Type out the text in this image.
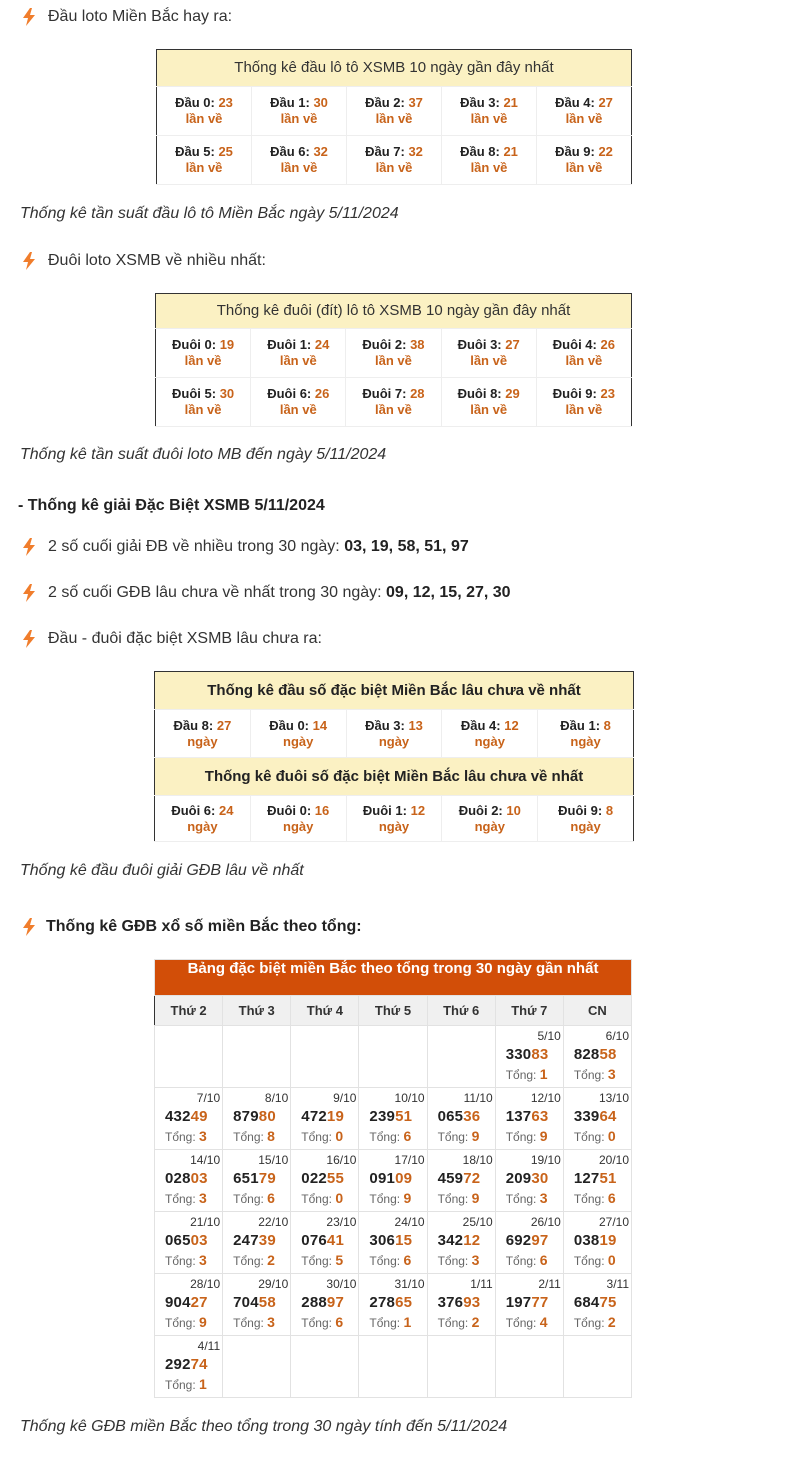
Đầu loto Miền Bắc hay ra:
Thống kê đầu lô tô XSMB 10 ngày gần đây nhất				
Đầu 0: 23
lần về	Đầu 1: 30
lần về	Đầu 2: 37
lần về	Đầu 3: 21
lần về	Đầu 4: 27
lần về

Đầu 5: 25
lần về	Đầu 6: 32
lần về	Đầu 7: 32
lần về	Đầu 8: 21
lần về	Đầu 9: 22
lần về
Thống kê tần suất đầu lô tô Miền Bắc ngày 5/11/2024
Đuôi loto XSMB về nhiều nhất:
Thống kê đuôi (đít) lô tô XSMB 10 ngày gần đây nhất				
Đuôi 0: 19
lần về	Đuôi 1: 24
lần về	Đuôi 2: 38
lần về	Đuôi 3: 27
lần về	Đuôi 4: 26
lần về

Đuôi 5: 30
lần về	Đuôi 6: 26
lần về	Đuôi 7: 28
lần về	Đuôi 8: 29
lần về	Đuôi 9: 23
lần về
Thống kê tần suất đuôi loto MB đến ngày 5/11/2024
- Thống kê giải Đặc Biệt XSMB 5/11/2024
2 số cuối giải ĐB về nhiều trong 30 ngày: 03, 19, 58, 51, 97
2 số cuối GĐB lâu chưa về nhất trong 30 ngày: 09, 12, 15, 27, 30
Đầu - đuôi đặc biệt XSMB lâu chưa ra:
Thống kê đầu số đặc biệt Miền Bắc lâu chưa về nhất				
Đầu 8: 27
ngày	Đầu 0: 14
ngày	Đầu 3: 13
ngày	Đầu 4: 12
ngày	Đầu 1: 8
ngày

Thống kê đuôi số đặc biệt Miền Bắc lâu chưa về nhất				
Đuôi 6: 24
ngày	Đuôi 0: 16
ngày	Đuôi 1: 12
ngày	Đuôi 2: 10
ngày	Đuôi 9: 8
ngày
Thống kê đầu đuôi giải GĐB lâu về nhất
Thống kê GĐB xổ số miền Bắc theo tổng:
Bảng đặc biệt miền Bắc theo tổng trong 30 ngày gần nhất						
Thứ 2	Thứ 3	Thứ 4	Thứ 5	Thứ 6	Thứ 7	CN

					5/10
33083
Tổng: 1	6/10
82858
Tổng: 3

7/10
43249
Tổng: 3	8/10
87980
Tổng: 8	9/10
47219
Tổng: 0	10/10
23951
Tổng: 6	11/10
06536
Tổng: 9	12/10
13763
Tổng: 9	13/10
33964
Tổng: 0

14/10
02803
Tổng: 3	15/10
65179
Tổng: 6	16/10
02255
Tổng: 0	17/10
09109
Tổng: 9	18/10
45972
Tổng: 9	19/10
20930
Tổng: 3	20/10
12751
Tổng: 6

21/10
06503
Tổng: 3	22/10
24739
Tổng: 2	23/10
07641
Tổng: 5	24/10
30615
Tổng: 6	25/10
34212
Tổng: 3	26/10
69297
Tổng: 6	27/10
03819
Tổng: 0

28/10
90427
Tổng: 9	29/10
70458
Tổng: 3	30/10
28897
Tổng: 6	31/10
27865
Tổng: 1	1/11
37693
Tổng: 2	2/11
19777
Tổng: 4	3/11
68475
Tổng: 2

4/11
29274
Tổng: 1						

Thống kê GĐB miền Bắc theo tổng trong 30 ngày tính đến 5/11/2024
